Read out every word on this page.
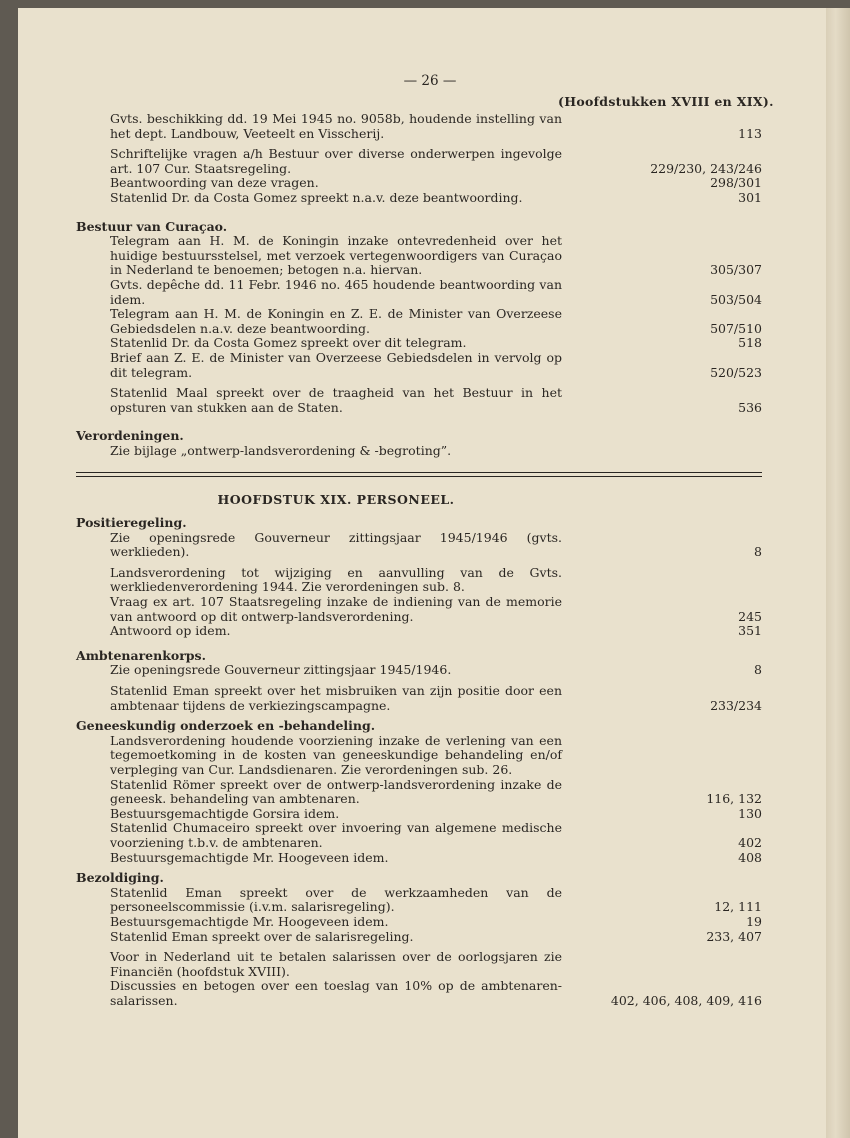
— 26 —
(Hoofdstukken XVIII en XIX).
Gvts. beschikking dd. 19 Mei 1945 no. 9058b, houdende instelling van het dept. Landbouw, Veeteelt en Visscherij.	113
Schriftelijke vragen a/h Bestuur over diverse onderwerpen ingevolge art. 107 Cur. Staatsregeling.	229/230, 243/246
Beantwoording van deze vragen.	298/301
Statenlid Dr. da Costa Gomez spreekt n.a.v. deze beantwoording.	301
Bestuur van Curaçao.
Telegram aan H. M. de Koningin inzake ontevredenheid over het huidige bestuursstelsel, met verzoek vertegenwoordigers van Curaçao in Nederland te benoemen; betogen n.a. hiervan.	305/307
Gvts. depêche dd. 11 Febr. 1946 no. 465 houdende beantwoording van idem.	503/504
Telegram aan H. M. de Koningin en Z. E. de Minister van Overzeese Gebiedsdelen n.a.v. deze beantwoording.	507/510
Statenlid Dr. da Costa Gomez spreekt over dit telegram.	518
Brief aan Z. E. de Minister van Overzeese Gebiedsdelen in vervolg op dit telegram.	520/523
Statenlid Maal spreekt over de traagheid van het Bestuur in het opsturen van stukken aan de Staten.	536
Verordeningen.
Zie bijlage „ontwerp-landsverordening & -begroting”.
HOOFDSTUK XIX. PERSONEEL.
Positieregeling.
Zie openingsrede Gouverneur zittingsjaar 1945/1946 (gvts. werklieden).	8
Landsverordening tot wijziging en aanvulling van de Gvts. werkliedenverordening 1944. Zie verordeningen sub. 8.
Vraag ex art. 107 Staatsregeling inzake de indiening van de memorie van antwoord op dit ontwerp-landsverordening.	245
Antwoord op idem.	351
Ambtenarenkorps.
Zie openingsrede Gouverneur zittingsjaar 1945/1946.	8
Statenlid Eman spreekt over het misbruiken van zijn positie door een ambtenaar tijdens de verkiezingscampagne.	233/234
Geneeskundig onderzoek en -behandeling.
Landsverordening houdende voorziening inzake de verlening van een tegemoetkoming in de kosten van geneeskundige behandeling en/of verpleging van Cur. Landsdienaren. Zie verordeningen sub. 26.
Statenlid Römer spreekt over de ontwerp-landsverordening inzake de geneesk. behandeling van ambtenaren.	116, 132
Bestuursgemachtigde Gorsira idem.	130
Statenlid Chumaceiro spreekt over invoering van algemene medische voorziening t.b.v. de ambtenaren.	402
Bestuursgemachtigde Mr. Hoogeveen idem.	408
Bezoldiging.
Statenlid Eman spreekt over de werkzaamheden van de personeelscommissie (i.v.m. salarisregeling).	12, 111
Bestuursgemachtigde Mr. Hoogeveen idem.	19
Statenlid Eman spreekt over de salarisregeling.	233, 407
Voor in Nederland uit te betalen salarissen over de oorlogsjaren zie Financiën (hoofdstuk XVIII).
Discussies en betogen over een toeslag van 10% op de ambtenaren-salarissen.	402, 406, 408, 409, 416
